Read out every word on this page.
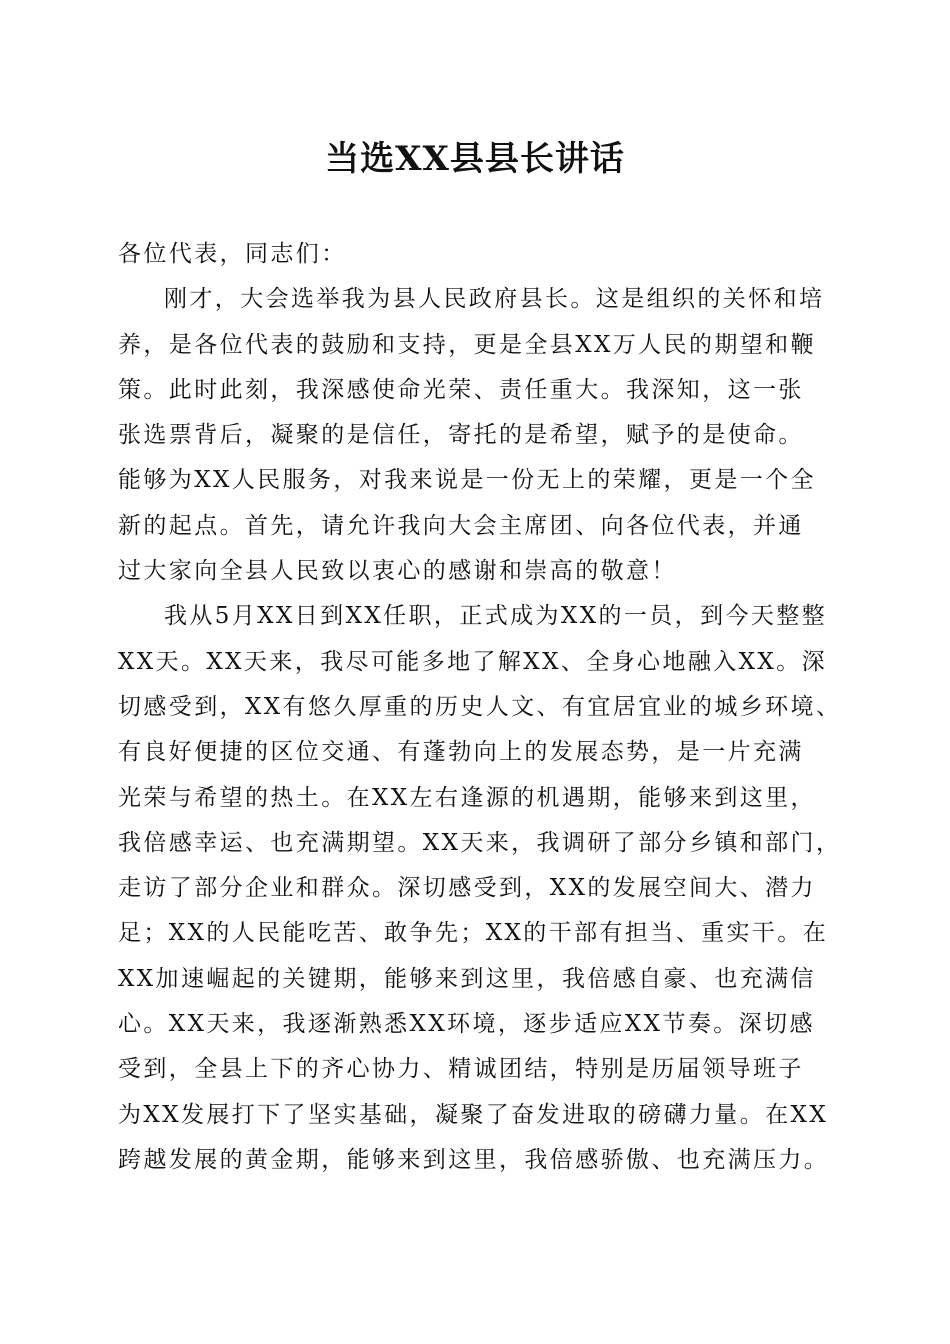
当选XX县县长讲话
各位代表，同志们：
刚才，大会选举我为县人民政府县长。这是组织的关怀和培
养，是各位代表的鼓励和支持，更是全县XX万人民的期望和鞭
策。此时此刻，我深感使命光荣、责任重大。我深知，这一张
张选票背后，凝聚的是信任，寄托的是希望，赋予的是使命。
能够为XX人民服务，对我来说是一份无上的荣耀，更是一个全
新的起点。首先，请允许我向大会主席团、向各位代表，并通
过大家向全县人民致以衷心的感谢和崇高的敬意！
我从5月XX日到XX任职，正式成为XX的一员，到今天整整
XX天。XX天来，我尽可能多地了解XX、全身心地融入XX。深
切感受到，XX有悠久厚重的历史人文、有宜居宜业的城乡环境、
有良好便捷的区位交通、有蓬勃向上的发展态势，是一片充满
光荣与希望的热土。在XX左右逢源的机遇期，能够来到这里，
我倍感幸运、也充满期望。XX天来，我调研了部分乡镇和部门，
走访了部分企业和群众。深切感受到，XX的发展空间大、潜力
足；XX的人民能吃苦、敢争先；XX的干部有担当、重实干。在
XX加速崛起的关键期，能够来到这里，我倍感自豪、也充满信
心。XX天来，我逐渐熟悉XX环境，逐步适应XX节奏。深切感
受到，全县上下的齐心协力、精诚团结，特别是历届领导班子
为XX发展打下了坚实基础，凝聚了奋发进取的磅礴力量。在XX
跨越发展的黄金期，能够来到这里，我倍感骄傲、也充满压力。
